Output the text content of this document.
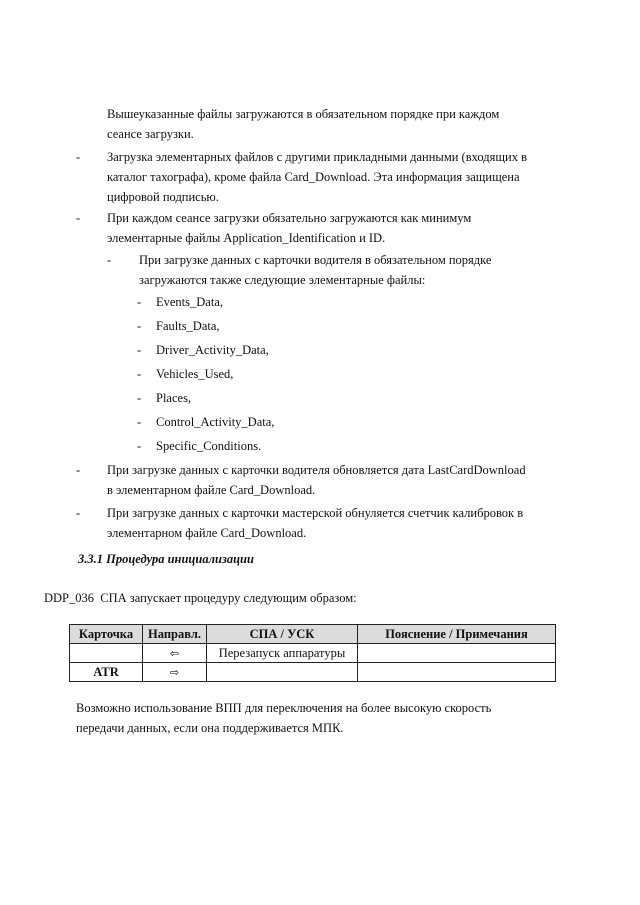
Вышеуказанные файлы загружаются в обязательном порядке при каждом
сеансе загрузки.
- Загрузка элементарных файлов с другими прикладными данными (входящих в
каталог тахографа), кроме файла Card_Download. Эта информация защищена
цифровой подписью.
- При каждом сеансе загрузки обязательно загружаются как минимум
элементарные файлы Application_Identification и ID.
- При загрузке данных с карточки водителя в обязательном порядке
загружаются также следующие элементарные файлы:
- Events_Data,
- Faults_Data,
- Driver_Activity_Data,
- Vehicles_Used,
- Places,
- Control_Activity_Data,
- Specific_Conditions.
- При загрузке данных с карточки водителя обновляется дата LastCardDownload
в элементарном файле Card_Download.
- При загрузке данных с карточки мастерской обнуляется счетчик калибровок в
элементарном файле Card_Download.
3.3.1 Процедура инициализации
DDP_036 СПА запускает процедуру следующим образом:
Карточка	Направл.	СПА / УСК	Пояснение / Примечания
	⇦	Перезапуск аппаратуры	
ATR	⇨		
Возможно использование ВПП для переключения на более высокую скорость
передачи данных, если она поддерживается МПК.
